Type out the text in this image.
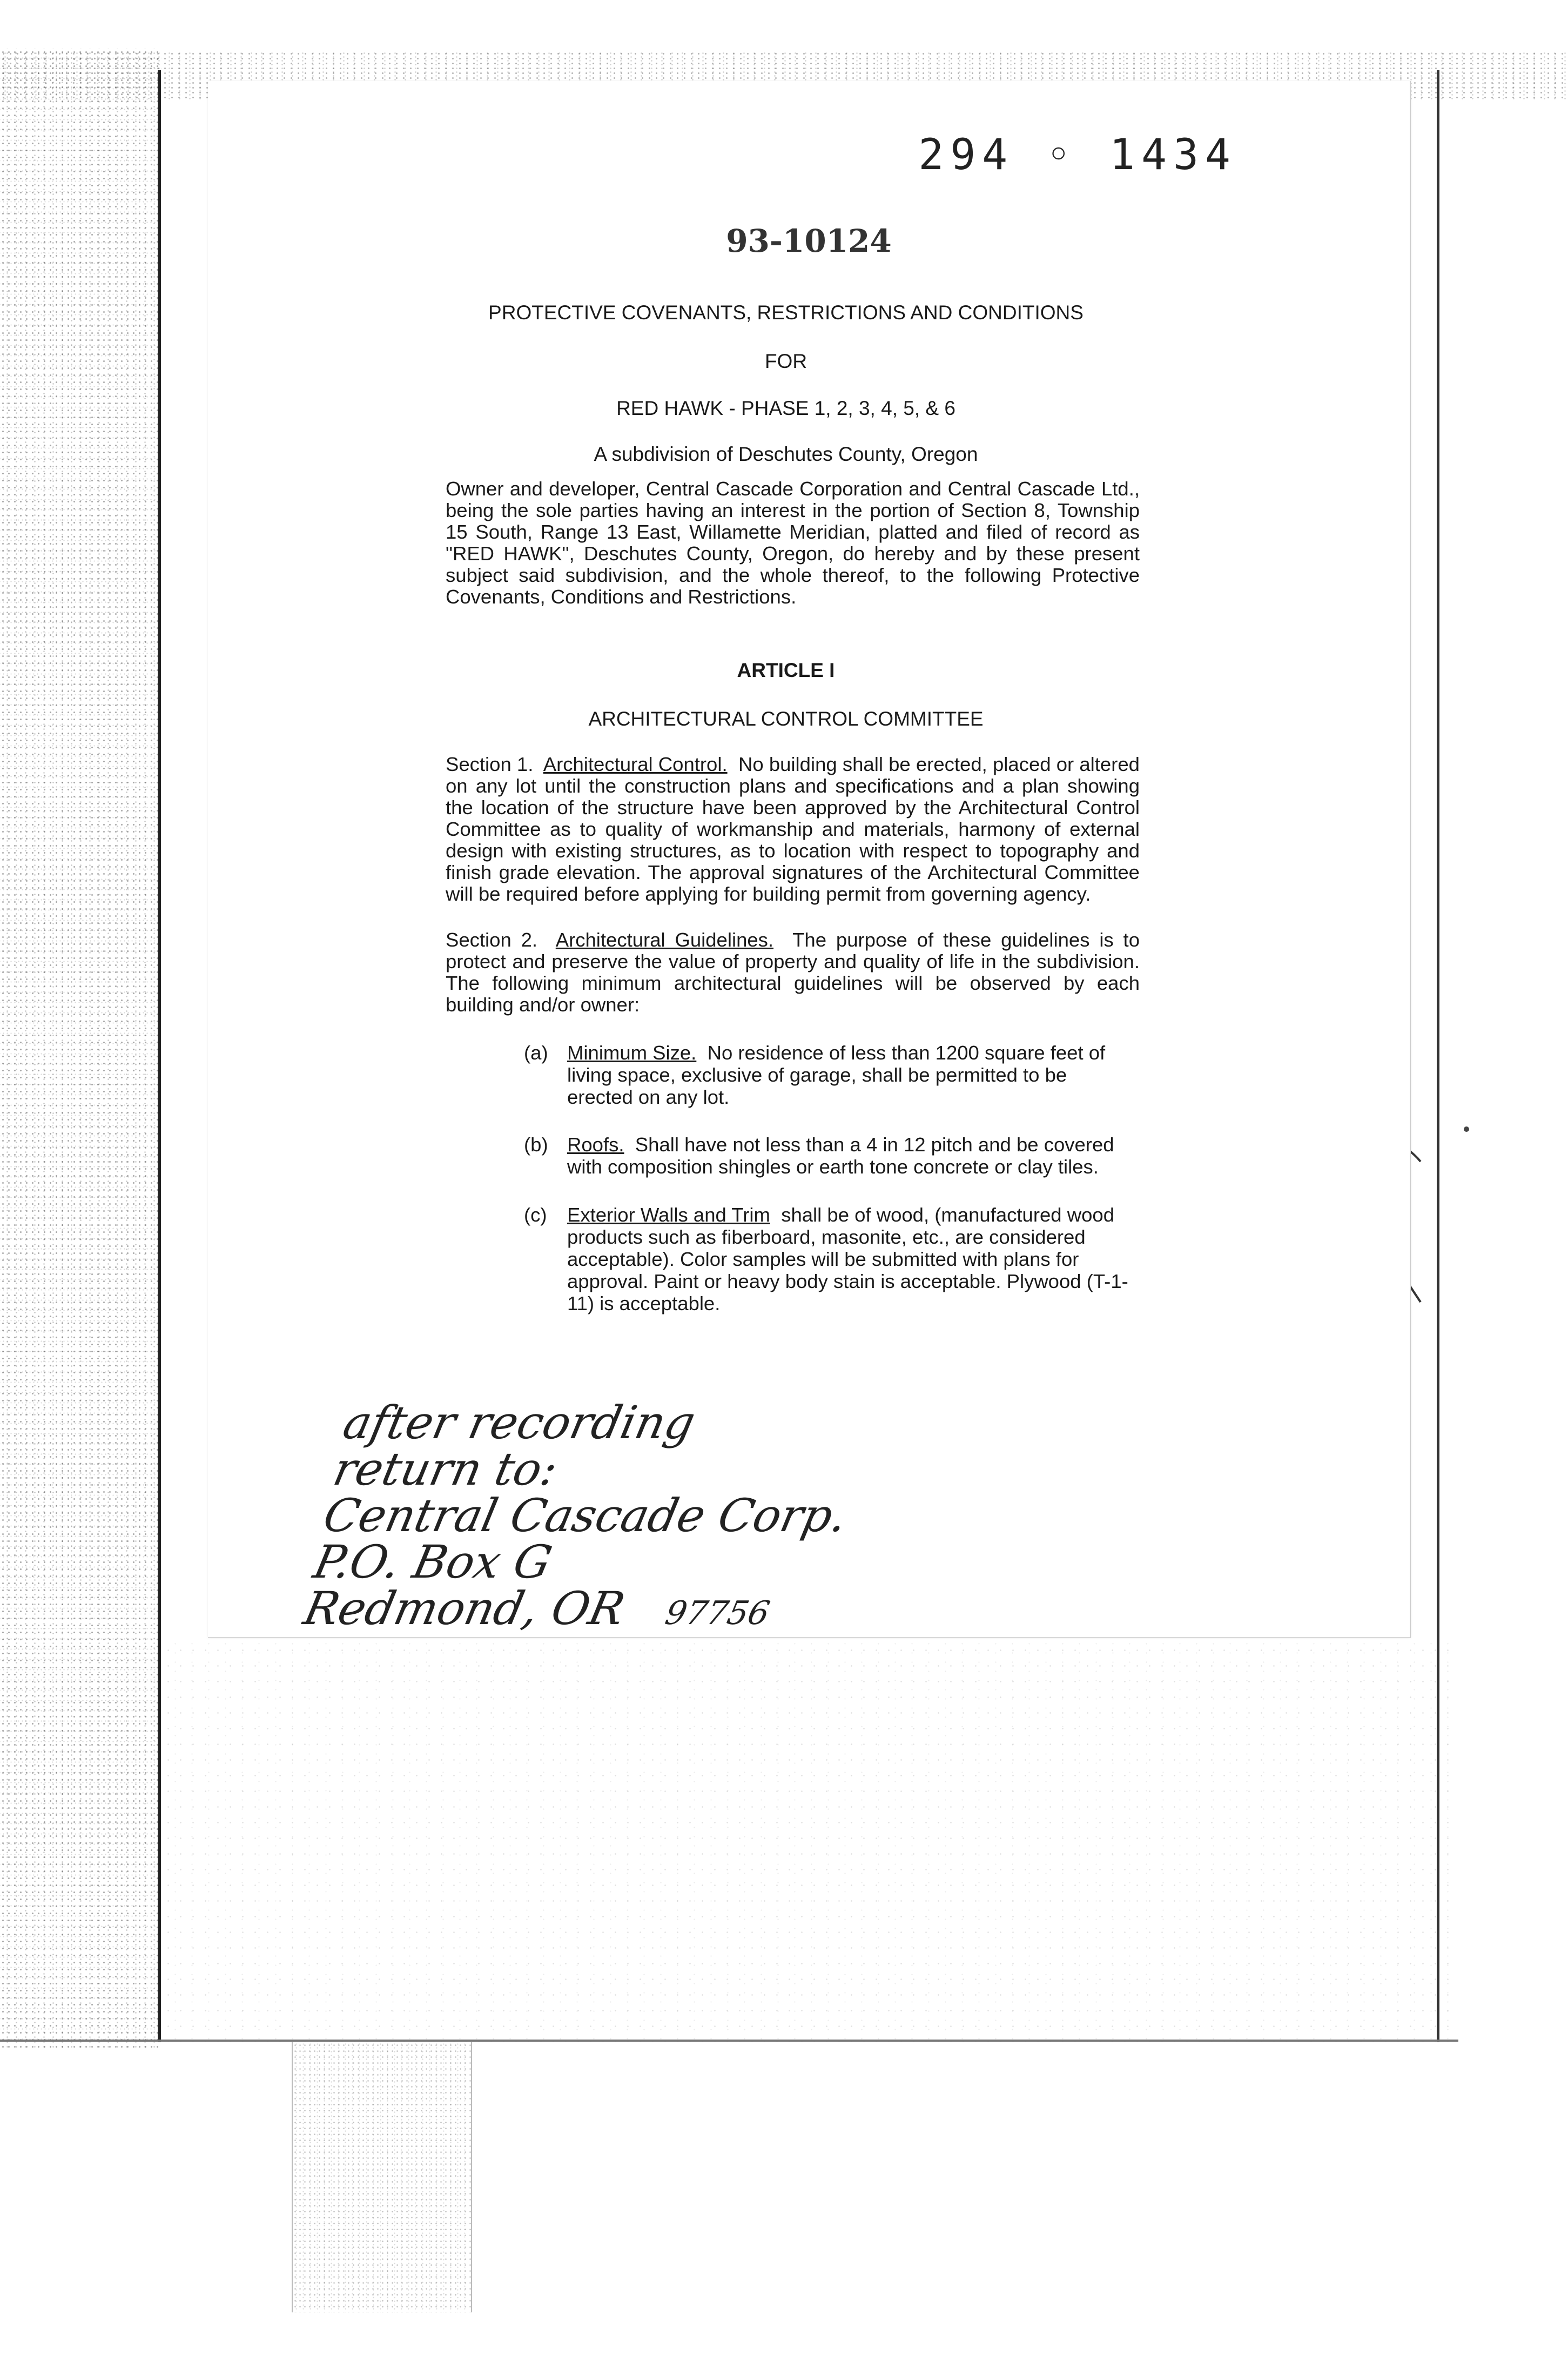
294 ◦ 1434
93-10124
PROTECTIVE COVENANTS, RESTRICTIONS AND CONDITIONS
FOR
RED HAWK - PHASE 1, 2, 3, 4, 5, & 6
A subdivision of Deschutes County, Oregon
Owner and developer, Central Cascade Corporation and Central Cascade Ltd., being the sole parties having an interest in the portion of Section 8, Township 15 South, Range 13 East, Willamette Meridian, platted and filed of record as "RED HAWK", Deschutes County, Oregon, do hereby and by these present subject said subdivision, and the whole thereof, to the following Protective Covenants, Conditions and Restrictions.
ARTICLE I
ARCHITECTURAL CONTROL COMMITTEE
Section 1. Architectural Control. No building shall be erected, placed or altered on any lot until the construction plans and specifications and a plan showing the location of the structure have been approved by the Architectural Control Committee as to quality of workmanship and materials, harmony of external design with existing structures, as to location with respect to topography and finish grade elevation. The approval signatures of the Architectural Committee will be required before applying for building permit from governing agency.
Section 2. Architectural Guidelines. The purpose of these guidelines is to protect and preserve the value of property and quality of life in the subdivision. The following minimum architectural guidelines will be observed by each building and/or owner:
(a) Minimum Size. No residence of less than 1200 square feet of living space, exclusive of garage, shall be permitted to be erected on any lot.
(b) Roofs. Shall have not less than a 4 in 12 pitch and be covered with composition shingles or earth tone concrete or clay tiles.
(c) Exterior Walls and Trim shall be of wood, (manufactured wood products such as fiberboard, masonite, etc., are considered acceptable). Color samples will be submitted with plans for approval. Paint or heavy body stain is acceptable. Plywood (T-1-11) is acceptable.
after recording
return to:
Central Cascade Corp.
P.O. Box G
Redmond, OR 97756
